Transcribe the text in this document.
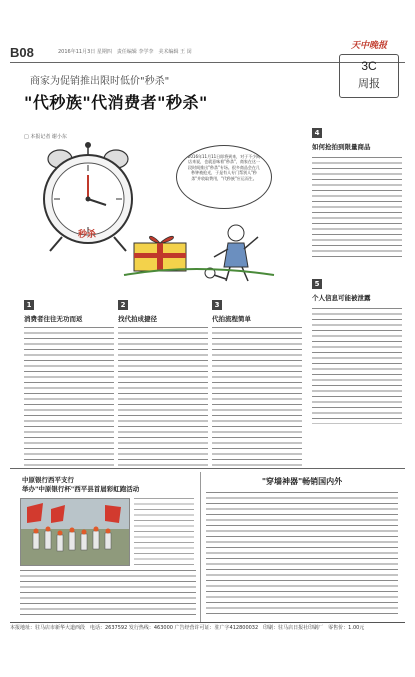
B08	2016年11月3日 星期四　责任编辑 李学李　美术编辑 王 闵
天中晚报
3C
周报
商家为促销推出限时低价"秒杀"
"代秒族"代消费者"秒杀"
2016年11月11日即将到来，对于不少网店来说，也就意味着"秒杀"，商家在这一段时间推出"秒杀"专场。很多商品会在几秒钟被抢光，于是有人专门帮别人"秒杀"并收取费用，"代秒族"应运而生。
秒杀
□ 本报记者 谢小东	4
如何抢拍到限量商品
5
个人信息可能被泄露
1
消费者往往无功而返
2
找代拍成捷径
3
代拍流程简单
中原银行西平支行
举办"中原银行杯"西平县首届彩虹跑活动
"穿墙神器"畅销国内外
本报地址：驻马店市新华大道西段　电话：2637592 发行热线：463000 广告经营许可证：驻广字412800032　印刷：驻马店日报社印刷厂　零售价：1.00元
